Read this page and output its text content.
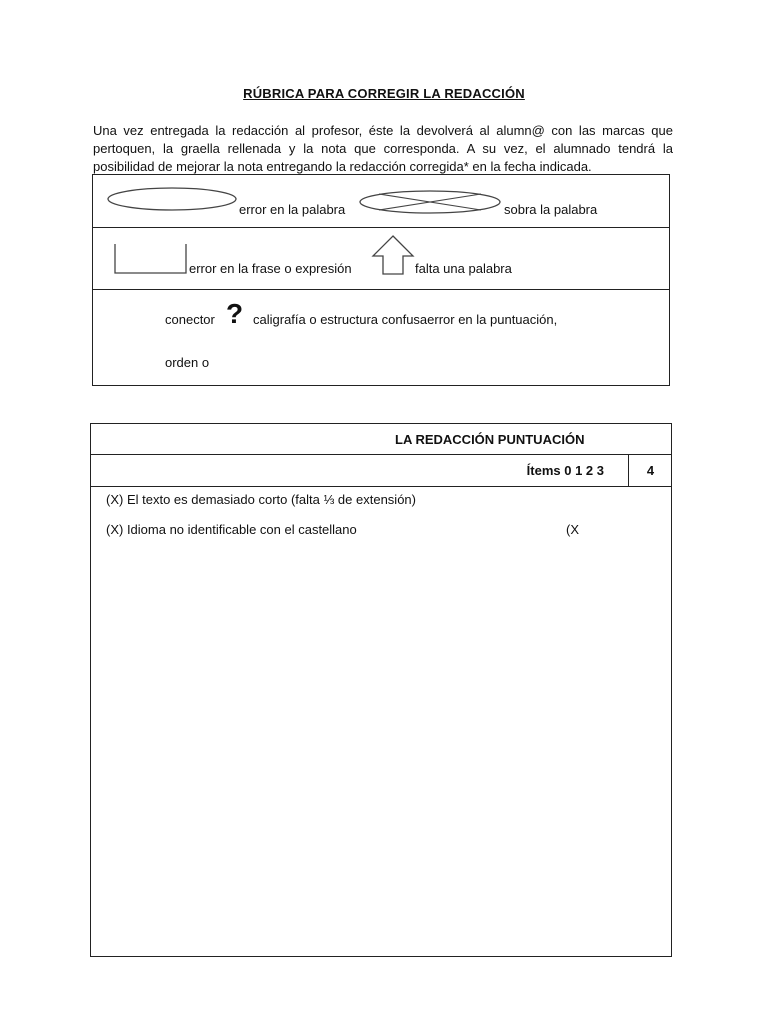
RÚBRICA PARA CORREGIR LA REDACCIÓN
Una vez entregada la redacción al profesor, éste la devolverá al alumn@ con las marcas que pertoquen, la graella rellenada y la nota que corresponda. A su vez, el alumnado tendrá la posibilidad de mejorar la nota entregando la redacción corregida* en la fecha indicada.
error en la palabra	sobra la palabra
error en la frase o expresión	falta una palabra
conector ? caligrafía o estructura confusaerror en la puntuación,
orden o
LA REDACCIÓN PUNTUACIÓN
Ítems 0 1 2 3	4
(X) El texto es demasiado corto (falta ⅓ de extensión)
(X) Idioma no identificable con el castellano	(X
